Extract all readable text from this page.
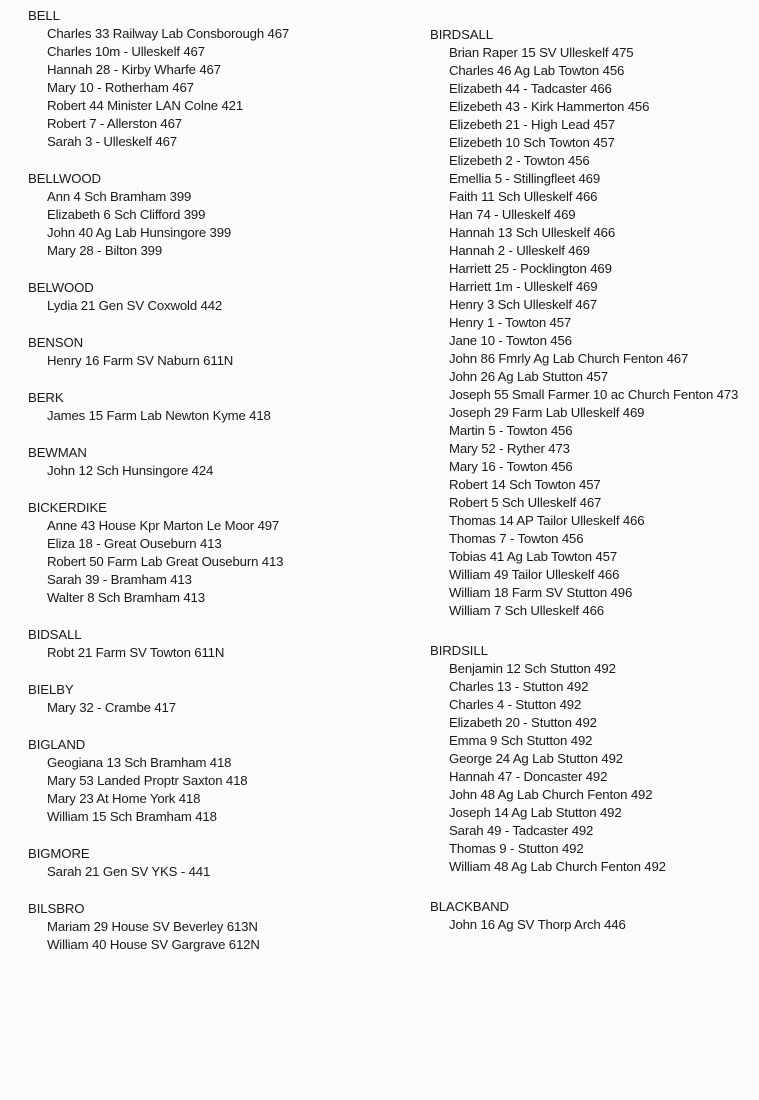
BELL
Charles 33 Railway Lab Consborough 467
Charles 10m - Ulleskelf 467
Hannah 28 - Kirby Wharfe 467
Mary 10 - Rotherham 467
Robert 44 Minister LAN Colne 421
Robert 7 - Allerston 467
Sarah 3 - Ulleskelf 467
BELLWOOD
Ann 4 Sch Bramham 399
Elizabeth 6 Sch Clifford 399
John 40 Ag Lab Hunsingore 399
Mary 28 - Bilton 399
BELWOOD
Lydia 21 Gen SV Coxwold 442
BENSON
Henry 16 Farm SV Naburn 611N
BERK
James 15 Farm Lab Newton Kyme 418
BEWMAN
John 12 Sch Hunsingore 424
BICKERDIKE
Anne 43 House Kpr Marton Le Moor 497
Eliza 18 - Great Ouseburn 413
Robert 50 Farm Lab Great Ouseburn 413
Sarah 39 - Bramham 413
Walter 8 Sch Bramham 413
BIDSALL
Robt 21 Farm SV Towton 611N
BIELBY
Mary 32 - Crambe 417
BIGLAND
Geogiana 13 Sch Bramham 418
Mary 53 Landed Proptr Saxton 418
Mary 23 At Home York 418
William 15 Sch Bramham 418
BIGMORE
Sarah 21 Gen SV YKS - 441
BILSBRO
Mariam 29 House SV Beverley 613N
William 40 House SV Gargrave 612N
BIRDSALL
Brian Raper 15 SV Ulleskelf 475
Charles 46 Ag Lab Towton 456
Elizabeth 44 - Tadcaster 466
Elizebeth 43 - Kirk Hammerton 456
Elizebeth 21 - High Lead 457
Elizebeth 10 Sch Towton 457
Elizebeth 2 - Towton 456
Emellia 5 - Stillingfleet 469
Faith 11 Sch Ulleskelf 466
Han 74 - Ulleskelf 469
Hannah 13 Sch Ulleskelf 466
Hannah 2 - Ulleskelf 469
Harriett 25 - Pocklington 469
Harriett 1m - Ulleskelf 469
Henry 3 Sch Ulleskelf 467
Henry 1 - Towton 457
Jane 10 - Towton 456
John 86 Fmrly Ag Lab Church Fenton 467
John 26 Ag Lab Stutton 457
Joseph 55 Small Farmer 10 ac Church Fenton 473
Joseph 29 Farm Lab Ulleskelf 469
Martin 5 - Towton 456
Mary 52 - Ryther 473
Mary 16 - Towton 456
Robert 14 Sch Towton 457
Robert 5 Sch Ulleskelf 467
Thomas 14 AP Tailor Ulleskelf 466
Thomas 7 - Towton 456
Tobias 41 Ag Lab Towton 457
William 49 Tailor Ulleskelf 466
William 18 Farm SV Stutton 496
William 7 Sch Ulleskelf 466
BIRDSILL
Benjamin 12 Sch Stutton 492
Charles 13 - Stutton 492
Charles 4 - Stutton 492
Elizabeth 20 - Stutton 492
Emma 9 Sch Stutton 492
George 24 Ag Lab Stutton 492
Hannah 47 - Doncaster 492
John 48 Ag Lab Church Fenton 492
Joseph 14 Ag Lab Stutton 492
Sarah 49 - Tadcaster 492
Thomas 9 - Stutton 492
William 48 Ag Lab Church Fenton 492
BLACKBAND
John 16 Ag SV Thorp Arch 446
